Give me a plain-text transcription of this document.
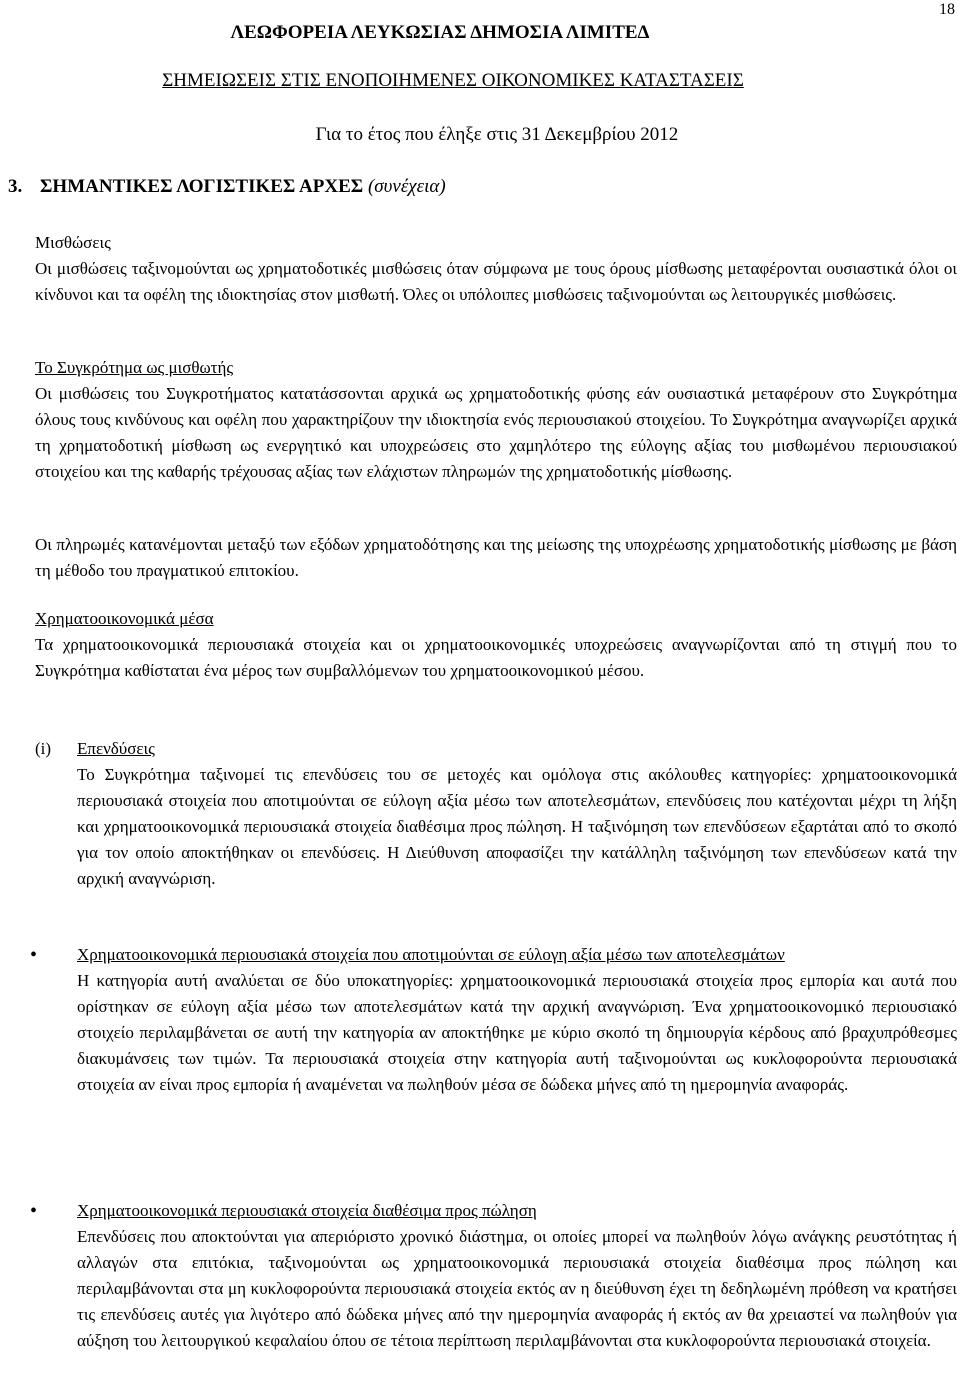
18
ΛΕΩΦΟΡΕΙΑ ΛΕΥΚΩΣΙΑΣ ΔΗΜΟΣΙΑ ΛΙΜΙΤΕΔ
ΣΗΜΕΙΩΣΕΙΣ ΣΤΙΣ ΕΝΟΠΟΙΗΜΕΝΕΣ ΟΙΚΟΝΟΜΙΚΕΣ ΚΑΤΑΣΤΑΣΕΙΣ
Για το έτος που έληξε στις 31 Δεκεμβρίου 2012
3. ΣΗΜΑΝΤΙΚΕΣ ΛΟΓΙΣΤΙΚΕΣ ΑΡΧΕΣ (συνέχεια)

Μισθώσεις

Οι μισθώσεις ταξινομούνται ως χρηματοδοτικές μισθώσεις όταν σύμφωνα με τους όρους μίσθωσης μεταφέρονται ουσιαστικά όλοι οι κίνδυνοι και τα οφέλη της ιδιοκτησίας στον μισθωτή. Όλες οι υπόλοιπες μισθώσεις ταξινομούνται ως λειτουργικές μισθώσεις.

Το Συγκρότημα ως μισθωτής

Οι μισθώσεις του Συγκροτήματος κατατάσσονται αρχικά ως χρηματοδοτικής φύσης εάν ουσιαστικά μεταφέρουν στο Συγκρότημα όλους τους κινδύνους και οφέλη που χαρακτηρίζουν την ιδιοκτησία ενός περιουσιακού στοιχείου. Το Συγκρότημα αναγνωρίζει αρχικά τη χρηματοδοτική μίσθωση ως ενεργητικό και υποχρεώσεις στο χαμηλότερο της εύλογης αξίας του μισθωμένου περιουσιακού στοιχείου και της καθαρής τρέχουσας αξίας των ελάχιστων πληρωμών της χρηματοδοτικής μίσθωσης.

Οι πληρωμές κατανέμονται μεταξύ των εξόδων χρηματοδότησης και της μείωσης της υποχρέωσης χρηματοδοτικής μίσθωσης με βάση τη μέθοδο του πραγματικού επιτοκίου.

Χρηματοοικονομικά μέσα

Τα χρηματοοικονομικά περιουσιακά στοιχεία και οι χρηματοοικονομικές υποχρεώσεις αναγνωρίζονται από τη στιγμή που το Συγκρότημα καθίσταται ένα μέρος των συμβαλλόμενων του χρηματοοικονομικού μέσου.

(i) Επενδύσεις

Το Συγκρότημα ταξινομεί τις επενδύσεις του σε μετοχές και ομόλογα στις ακόλουθες κατηγορίες: χρηματοοικονομικά περιουσιακά στοιχεία που αποτιμούνται σε εύλογη αξία μέσω των αποτελεσμάτων, επενδύσεις που κατέχονται μέχρι τη λήξη και χρηματοοικονομικά περιουσιακά στοιχεία διαθέσιμα προς πώληση. Η ταξινόμηση των επενδύσεων εξαρτάται από το σκοπό για τον οποίο αποκτήθηκαν οι επενδύσεις. Η Διεύθυνση αποφασίζει την κατάλληλη ταξινόμηση των επενδύσεων κατά την αρχική αναγνώριση.

• Χρηματοοικονομικά περιουσιακά στοιχεία που αποτιμούνται σε εύλογη αξία μέσω των αποτελεσμάτων

Η κατηγορία αυτή αναλύεται σε δύο υποκατηγορίες: χρηματοοικονομικά περιουσιακά στοιχεία προς εμπορία και αυτά που ορίστηκαν σε εύλογη αξία μέσω των αποτελεσμάτων κατά την αρχική αναγνώριση. Ένα χρηματοοικονομικό περιουσιακό στοιχείο περιλαμβάνεται σε αυτή την κατηγορία αν αποκτήθηκε με κύριο σκοπό τη δημιουργία κέρδους από βραχυπρόθεσμες διακυμάνσεις των τιμών. Τα περιουσιακά στοιχεία στην κατηγορία αυτή ταξινομούνται ως κυκλοφορούντα περιουσιακά στοιχεία αν είναι προς εμπορία ή αναμένεται να πωληθούν μέσα σε δώδεκα μήνες από τη ημερομηνία αναφοράς.

• Χρηματοοικονομικά περιουσιακά στοιχεία διαθέσιμα προς πώληση

Επενδύσεις που αποκτούνται για απεριόριστο χρονικό διάστημα, οι οποίες μπορεί να πωληθούν λόγω ανάγκης ρευστότητας ή αλλαγών στα επιτόκια, ταξινομούνται ως χρηματοοικονομικά περιουσιακά στοιχεία διαθέσιμα προς πώληση και περιλαμβάνονται στα μη κυκλοφορούντα περιουσιακά στοιχεία εκτός αν η διεύθυνση έχει τη δεδηλωμένη πρόθεση να κρατήσει τις επενδύσεις αυτές για λιγότερο από δώδεκα μήνες από την ημερομηνία αναφοράς ή εκτός αν θα χρειαστεί να πωληθούν για αύξηση του λειτουργικού κεφαλαίου όπου σε τέτοια περίπτωση περιλαμβάνονται στα κυκλοφορούντα περιουσιακά στοιχεία.
